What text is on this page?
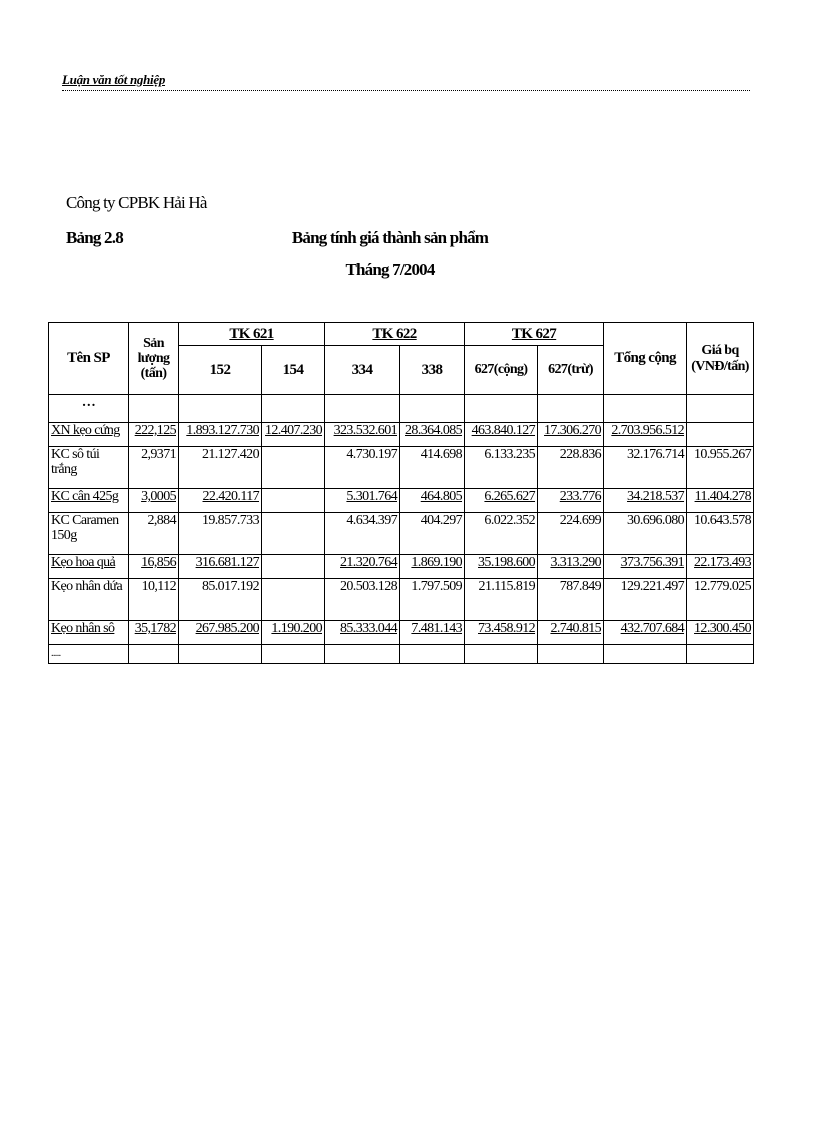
Luận văn tốt nghiệp
Công ty CPBK Hải Hà
Bảng 2.8	Bảng tính giá thành sản phẩm
Tháng 7/2004
Tên SP	Sản lượng (tấn)	TK 621		TK 622		TK 627		Tổng cộng	Giá bq (VNĐ/tấn)
		152	154	334	338	627(cộng)	627(trừ)		
…									
XN kẹo cứng	222,125	1.893.127.730	12.407.230	323.532.601	28.364.085	463.840.127	17.306.270	2.703.956.512	
KC sô túi trắng	2,9371	21.127.420		4.730.197	414.698	6.133.235	228.836	32.176.714	10.955.267
KC cân 425g	3,0005	22.420.117		5.301.764	464.805	6.265.627	233.776	34.218.537	11.404.278
KC Caramen 150g	2,884	19.857.733		4.634.397	404.297	6.022.352	224.699	30.696.080	10.643.578
Kẹo hoa quả	16,856	316.681.127		21.320.764	1.869.190	35.198.600	3.313.290	373.756.391	22.173.493
Kẹo nhân dứa	10,112	85.017.192		20.503.128	1.797.509	21.115.819	787.849	129.221.497	12.779.025
Kẹo nhân sô	35,1782	267.985.200	1.190.200	85.333.044	7.481.143	73.458.912	2.740.815	432.707.684	12.300.450
.....									
